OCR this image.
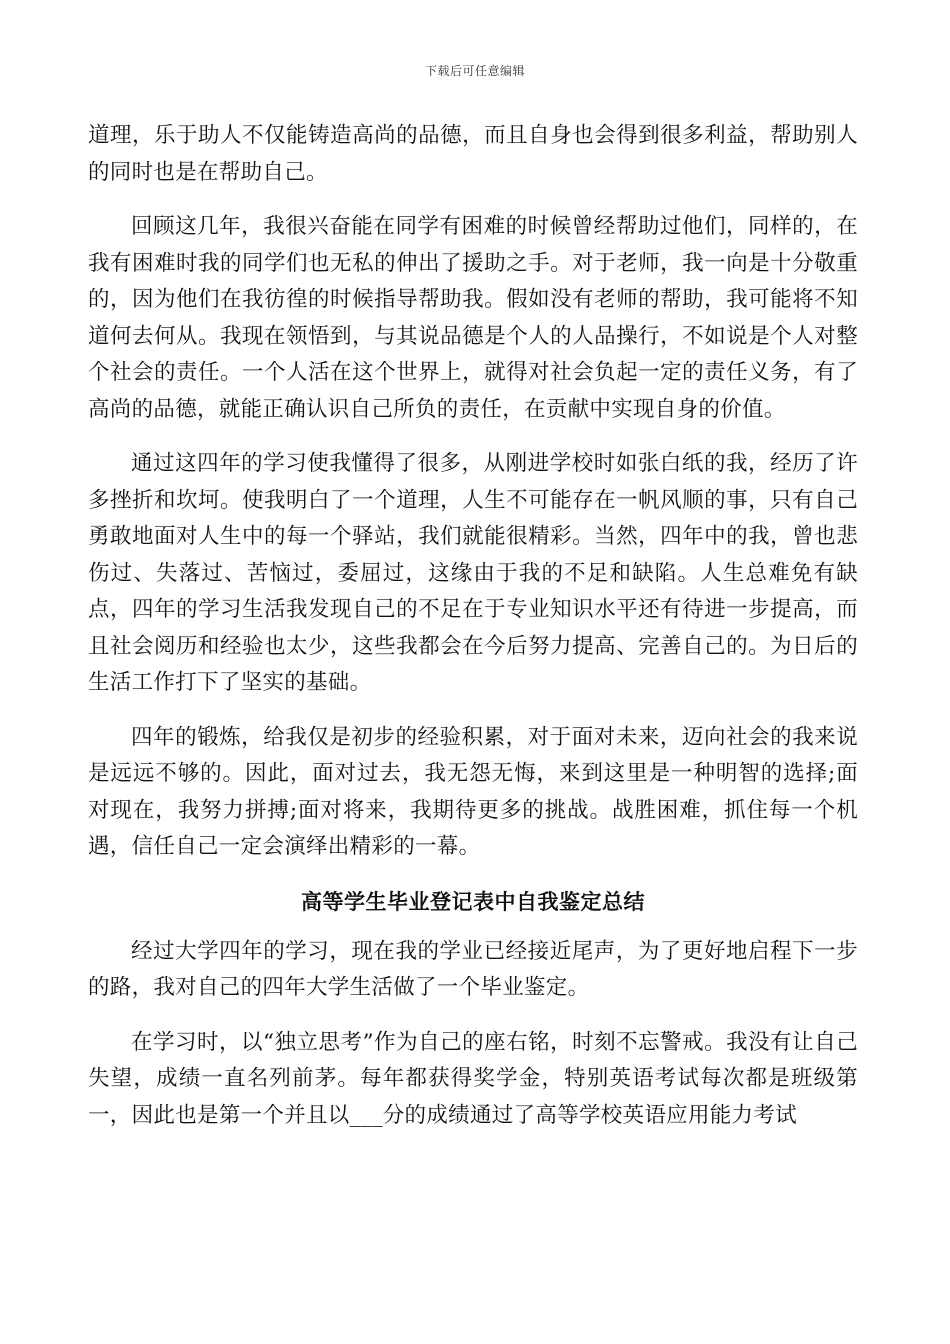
下载后可任意编辑

道理，乐于助人不仅能铸造高尚的品德，而且自身也会得到很多利益，帮助别人的同时也是在帮助自己。

回顾这几年，我很兴奋能在同学有困难的时候曾经帮助过他们，同样的，在我有困难时我的同学们也无私的伸出了援助之手。对于老师，我一向是十分敬重的，因为他们在我彷徨的时候指导帮助我。假如没有老师的帮助，我可能将不知道何去何从。我现在领悟到，与其说品德是个人的人品操行，不如说是个人对整个社会的责任。一个人活在这个世界上，就得对社会负起一定的责任义务，有了高尚的品德，就能正确认识自己所负的责任，在贡献中实现自身的价值。

通过这四年的学习使我懂得了很多，从刚进学校时如张白纸的我，经历了许多挫折和坎坷。使我明白了一个道理，人生不可能存在一帆风顺的事，只有自己勇敢地面对人生中的每一个驿站，我们就能很精彩。当然，四年中的我，曾也悲伤过、失落过、苦恼过，委屈过，这缘由于我的不足和缺陷。人生总难免有缺点，四年的学习生活我发现自己的不足在于专业知识水平还有待进一步提高，而且社会阅历和经验也太少，这些我都会在今后努力提高、完善自己的。为日后的生活工作打下了坚实的基础。

四年的锻炼，给我仅是初步的经验积累，对于面对未来，迈向社会的我来说是远远不够的。因此，面对过去，我无怨无悔，来到这里是一种明智的选择;面对现在，我努力拼搏;面对将来，我期待更多的挑战。战胜困难，抓住每一个机遇，信任自己一定会演绎出精彩的一幕。

高等学生毕业登记表中自我鉴定总结

经过大学四年的学习，现在我的学业已经接近尾声，为了更好地启程下一步的路，我对自己的四年大学生活做了一个毕业鉴定。

在学习时，以“独立思考”作为自己的座右铭，时刻不忘警戒。我没有让自己失望，成绩一直名列前茅。每年都获得奖学金，特别英语考试每次都是班级第一，因此也是第一个并且以___分的成绩通过了高等学校英语应用能力考试
